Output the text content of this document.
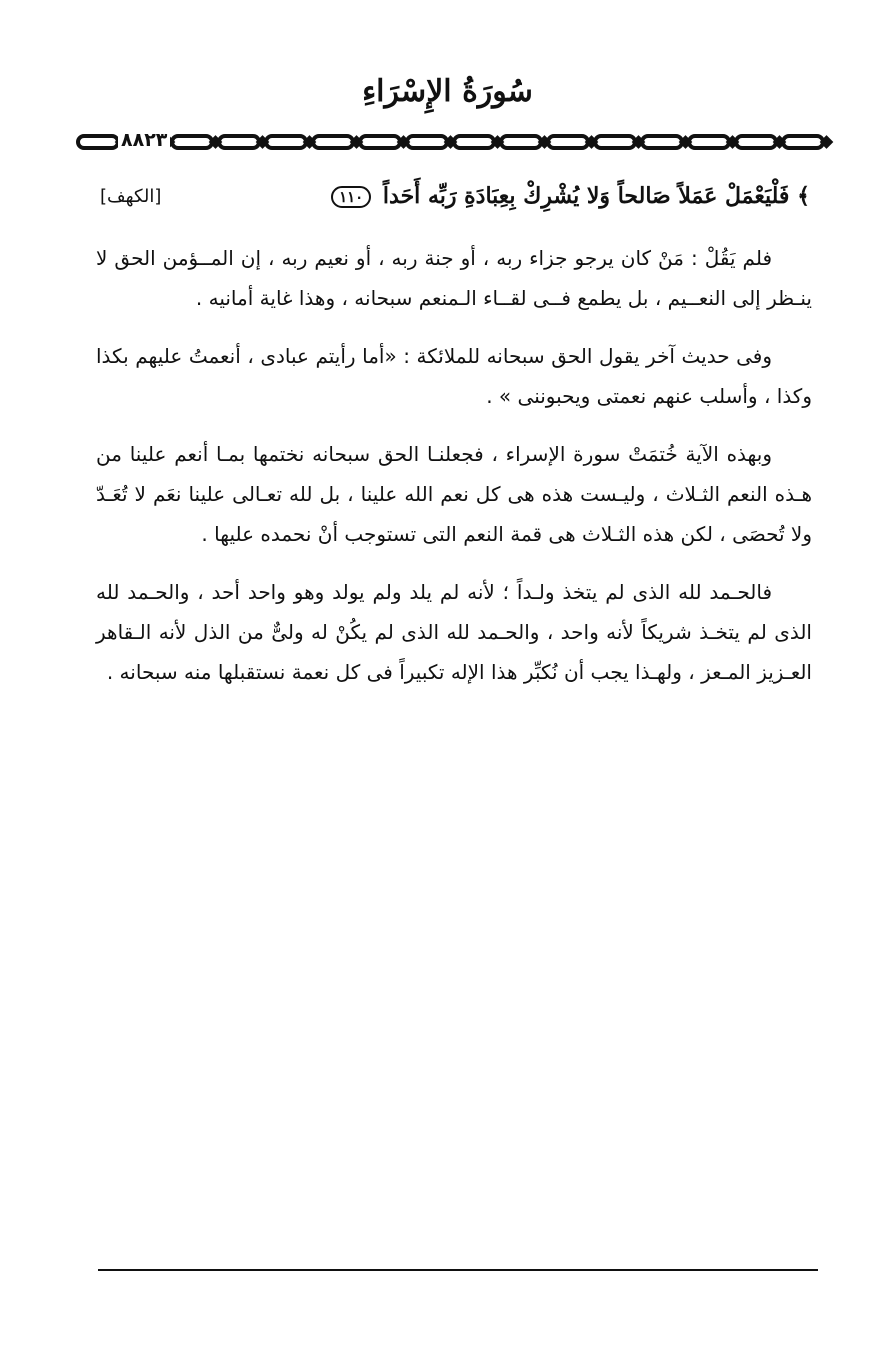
سُورَةُ الإِسْرَاءِ
٨٨٢٣
﴾ فَلْيَعْمَلْ عَمَلاً صَالحاً وَلا يُشْرِكْ بِعِبَادَةِ رَبِّه أَحَداً ١١٠
[الكهف]

فلم يَقُلْ : مَنْ كان يرجو جزاء ربه ، أو جنة ربه ، أو نعيم ربه ، إن المــؤمن الحق لا ينـظر إلى النعــيم ، بل يطمع فــى لقــاء الـمنعم سبحانه ، وهذا غاية أمانيه .

وفى حديث آخر يقول الحق سبحانه للملائكة : «أما رأيتم عبادى ، أنعمتُ عليهم بكذا وكذا ، وأسلب عنهم نعمتى ويحبوننى » .

وبهذه الآية خُتمَتْ سورة الإسراء ، فجعلنـا الحق سبحانه نختمها بمـا أنعم علينا من هـذه النعم الثـلاث ، وليـست هذه هى كل نعم الله علينا ، بل لله تعـالى علينا نعَم لا تُعَـدّ ولا تُحصَى ، لكن هذه الثـلاث هى قمة النعم التى تستوجب أنْ نحمده عليها .

فالحـمد لله الذى لم يتخذ ولـداً ؛ لأنه لم يلد ولم يولد وهو واحد أحد ، والحـمد لله الذى لم يتخـذ شريكاً لأنه واحد ، والحـمد لله الذى لم يكُنْ له ولىٌّ من الذل لأنه الـقاهر العـزيز المـعز ، ولهـذا يجب أن نُكبِّر هذا الإله تكبيراً فى كل نعمة نستقبلها منه سبحانه .
